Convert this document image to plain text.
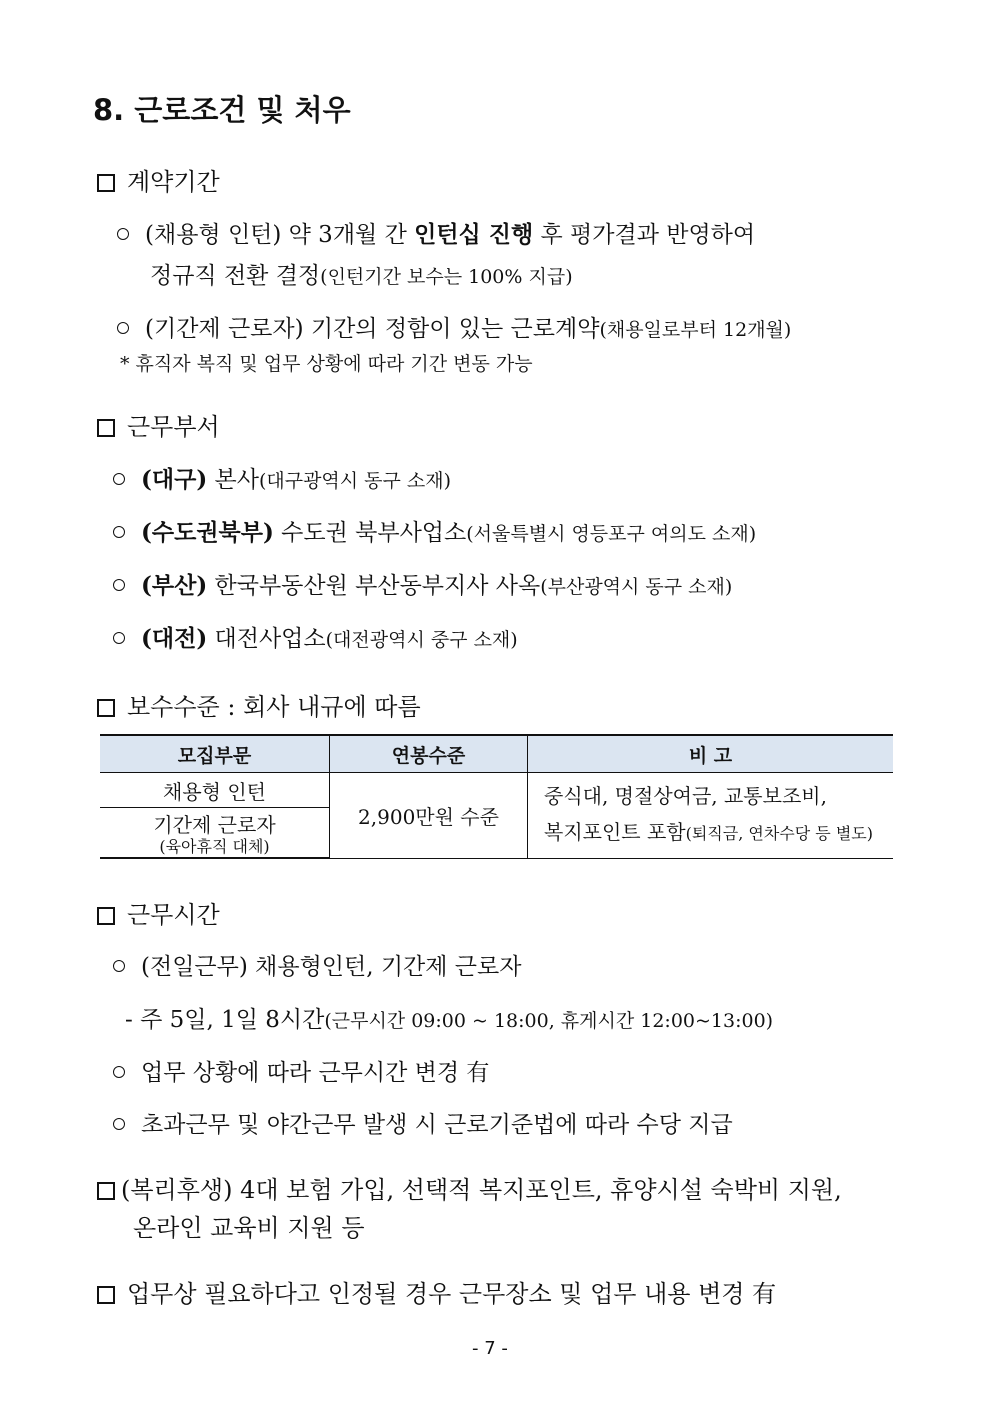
8. 근로조건 및 처우
계약기간
(채용형 인턴) 약 3개월 간 인턴십 진행 후 평가결과 반영하여
정규직 전환 결정(인턴기간 보수는 100% 지급)
(기간제 근로자) 기간의 정함이 있는 근로계약(채용일로부터 12개월)
* 휴직자 복직 및 업무 상황에 따라 기간 변동 가능
근무부서
(대구) 본사(대구광역시 동구 소재)
(수도권북부) 수도권 북부사업소(서울특별시 영등포구 여의도 소재)
(부산) 한국부동산원 부산동부지사 사옥(부산광역시 동구 소재)
(대전) 대전사업소(대전광역시 중구 소재)
보수수준 : 회사 내규에 따름
모집부문	연봉수준	비 고
채용형 인턴	2,900만원 수준	중식대, 명절상여금, 교통보조비,
복지포인트 포함(퇴직금, 연차수당 등 별도)
기간제 근로자
(육아휴직 대체)		
근무시간
(전일근무) 채용형인턴, 기간제 근로자
- 주 5일, 1일 8시간(근무시간 09:00 ~ 18:00, 휴게시간 12:00~13:00)
업무 상황에 따라 근무시간 변경 有
초과근무 및 야간근무 발생 시 근로기준법에 따라 수당 지급
(복리후생) 4대 보험 가입, 선택적 복지포인트, 휴양시설 숙박비 지원,
온라인 교육비 지원 등
업무상 필요하다고 인정될 경우 근무장소 및 업무 내용 변경 有
- 7 -
